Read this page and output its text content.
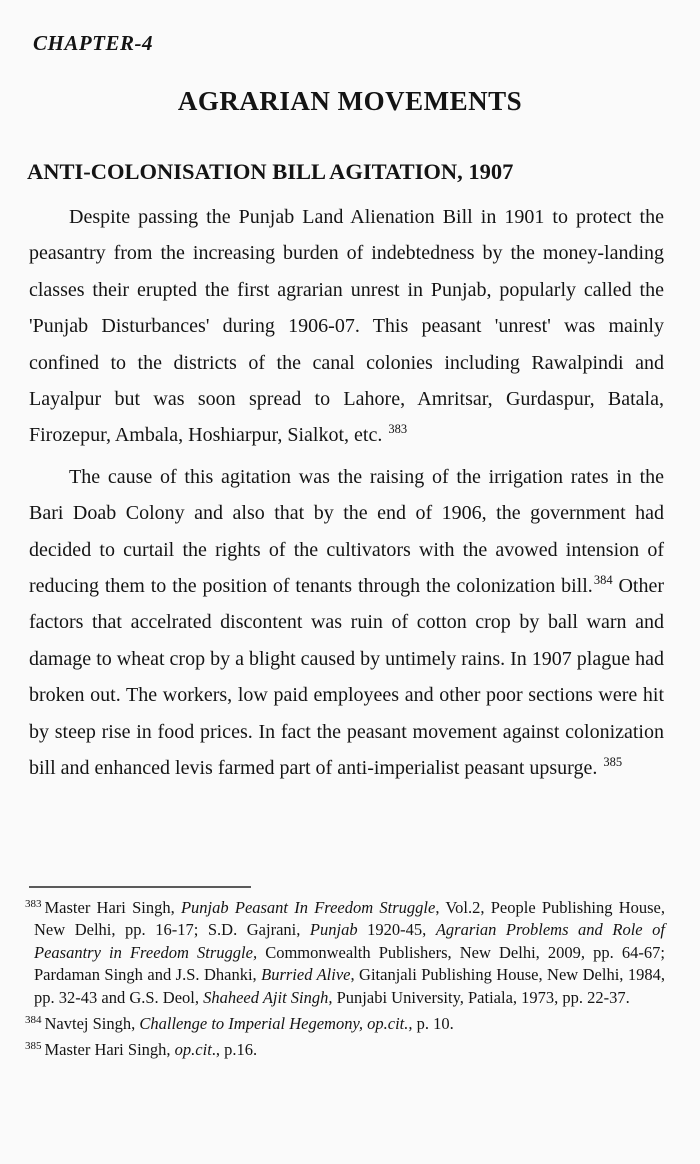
CHAPTER-4
AGRARIAN MOVEMENTS
ANTI-COLONISATION BILL AGITATION, 1907

Despite passing the Punjab Land Alienation Bill in 1901 to protect the peasantry from the increasing burden of indebtedness by the money-landing classes their erupted the first agrarian unrest in Punjab, popularly called the 'Punjab Disturbances' during 1906-07. This peasant 'unrest' was mainly confined to the districts of the canal colonies including Rawalpindi and Layalpur but was soon spread to Lahore, Amritsar, Gurdaspur, Batala, Firozepur, Ambala, Hoshiarpur, Sialkot, etc. $^{383}$

The cause of this agitation was the raising of the irrigation rates in the Bari Doab Colony and also that by the end of 1906, the government had decided to curtail the rights of the cultivators with the avowed intension of reducing them to the position of tenants through the colonization bill.$^{384}$ Other factors that accelrated discontent was ruin of cotton crop by ball warn and damage to wheat crop by a blight caused by untimely rains. In 1907 plague had broken out. The workers, low paid employees and other poor sections were hit by steep rise in food prices. In fact the peasant movement against colonization bill and enhanced levis farmed part of anti-imperialist peasant upsurge. $^{385}$

$^{383}$ Master Hari Singh, Punjab Peasant In Freedom Struggle, Vol.2, People Publishing House, New Delhi, pp. 16-17; S.D. Gajrani, Punjab 1920-45, Agrarian Problems and Role of Peasantry in Freedom Struggle, Commonwealth Publishers, New Delhi, 2009, pp. 64-67; Pardaman Singh and J.S. Dhanki, Burried Alive, Gitanjali Publishing House, New Delhi, 1984, pp. 32-43 and G.S. Deol, Shaheed Ajit Singh, Punjabi University, Patiala, 1973, pp. 22-37.
$^{384}$ Navtej Singh, Challenge to Imperial Hegemony, op.cit., p. 10.
$^{385}$ Master Hari Singh, op.cit., p.16.
